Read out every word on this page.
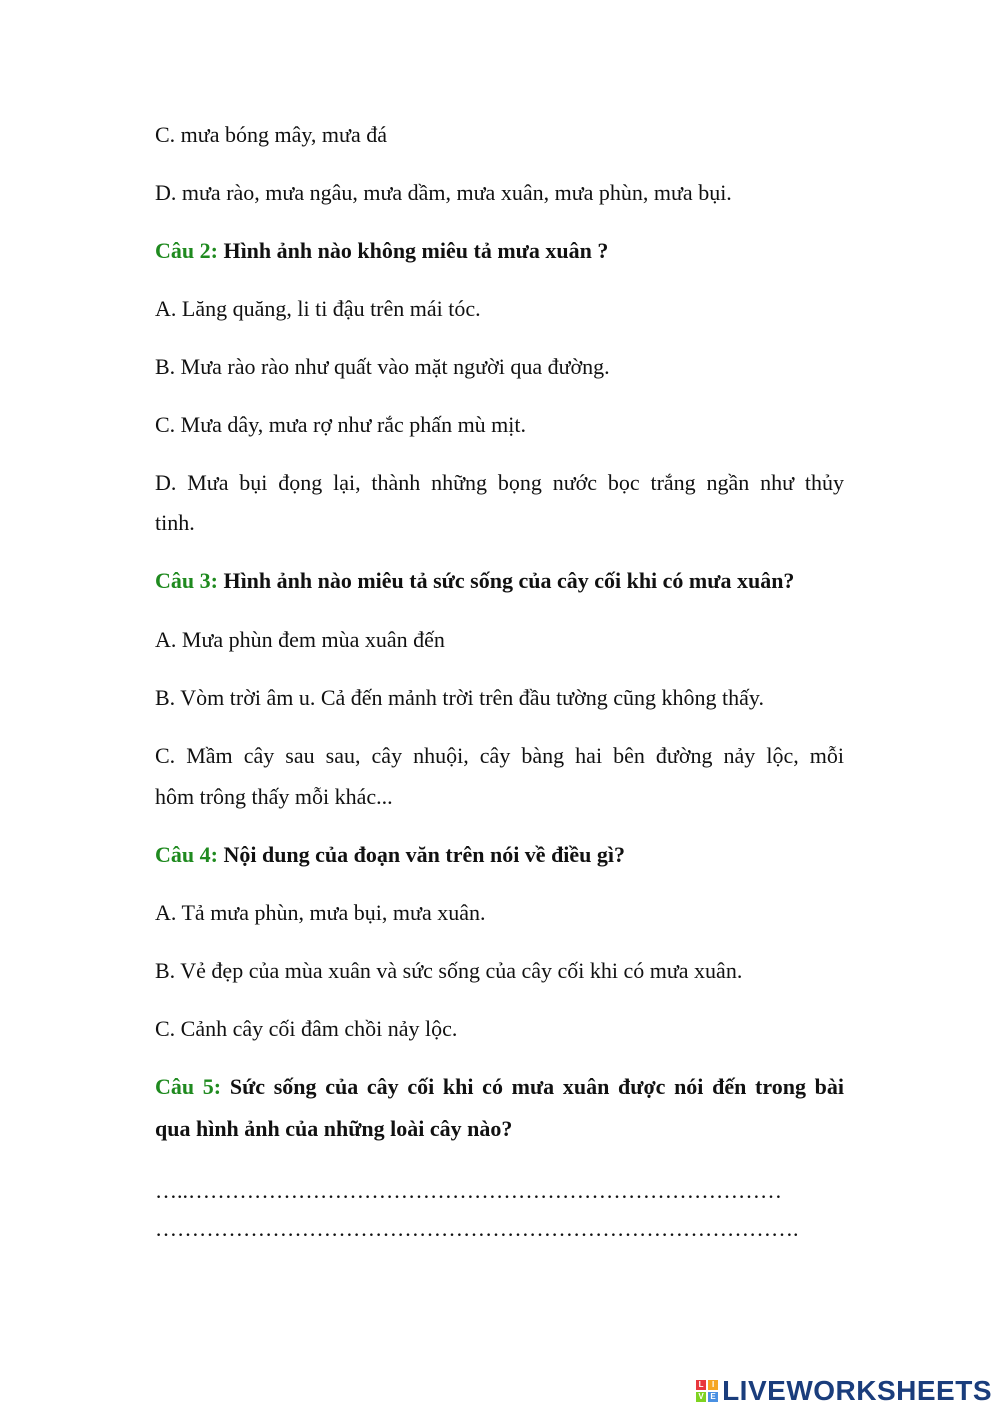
C. mưa bóng mây, mưa đá
D. mưa rào, mưa ngâu, mưa dầm, mưa xuân, mưa phùn, mưa bụi.
Câu 2: Hình ảnh nào không miêu tả mưa xuân ?
A. Lăng quăng, li ti đậu trên mái tóc.
B. Mưa rào rào như quất vào mặt người qua đường.
C. Mưa dây, mưa rợ như rắc phấn mù mịt.
D. Mưa bụi đọng lại, thành những bọng nước bọc trắng ngần như thủy
tinh.
Câu 3: Hình ảnh nào miêu tả sức sống của cây cối khi có mưa xuân?
A. Mưa phùn đem mùa xuân đến
B. Vòm trời âm u. Cả đến mảnh trời trên đầu tường cũng không thấy.
C. Mầm cây sau sau, cây nhuội, cây bàng hai bên đường nảy lộc, mỗi
hôm trông thấy mỗi khác...
Câu 4: Nội dung của đoạn văn trên nói về điều gì?
A. Tả mưa phùn, mưa bụi, mưa xuân.
B. Vẻ đẹp của mùa xuân và sức sống của cây cối khi có mưa xuân.
C. Cảnh cây cối đâm chồi nảy lộc.
Câu 5: Sức sống của cây cối khi có mưa xuân được nói đến trong bài
qua hình ảnh của những loài cây nào?
…..………………………………………………………………………
…………………………………………………………………………….
L	I
V E LIVEWORKSHEETS
